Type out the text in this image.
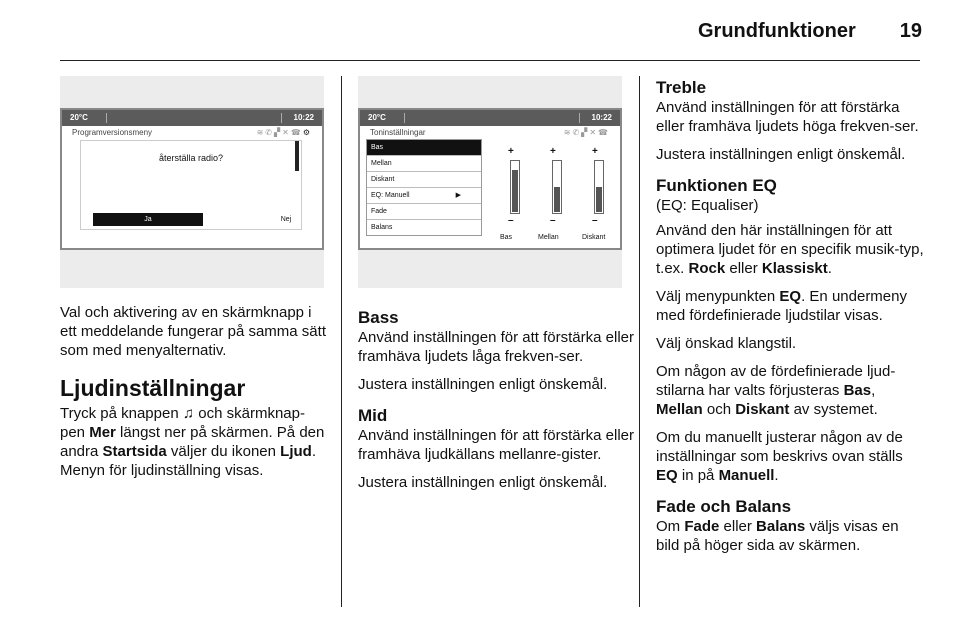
Grundfunktioner 19
20°C	10:22
Programversionsmeny	≋✆▞✕☎⚙
återställa radio?
Ja	Nej

Val och aktivering av en skärmknapp i ett meddelande fungerar på samma sätt som med menyalternativ.

Ljudinställningar

Tryck på knappen ♫ och skärmknap-pen Mer längst ner på skärmen. På den andra Startsida väljer du ikonen Ljud. Menyn för ljudinställning visas.

20°C	10:22
Toninställningar	≋✆▞✕☎
Bas
Mellan
Diskant
EQ: Manuell	▶
Fade
Balans
+
–
+
–
+
–
Bas	Mellan	Diskant
Bass

Använd inställningen för att förstärka eller framhäva ljudets låga frekven-ser.

Justera inställningen enligt önskemål.

Mid

Använd inställningen för att förstärka eller framhäva ljudkällans mellanre-gister.

Justera inställningen enligt önskemål.

Treble

Använd inställningen för att förstärka eller framhäva ljudets höga frekven-ser.

Justera inställningen enligt önskemål.

Funktionen EQ

(EQ: Equaliser)

Använd den här inställningen för att optimera ljudet för en specifik musik-typ, t.ex. Rock eller Klassiskt.

Välj menypunkten EQ. En undermeny med fördefinierade ljudstilar visas.

Välj önskad klangstil.

Om någon av de fördefinierade ljud-stilarna har valts förjusteras Bas, Mellan och Diskant av systemet.

Om du manuellt justerar någon av de inställningar som beskrivs ovan ställs EQ in på Manuell.

Fade och Balans

Om Fade eller Balans väljs visas en bild på höger sida av skärmen.
